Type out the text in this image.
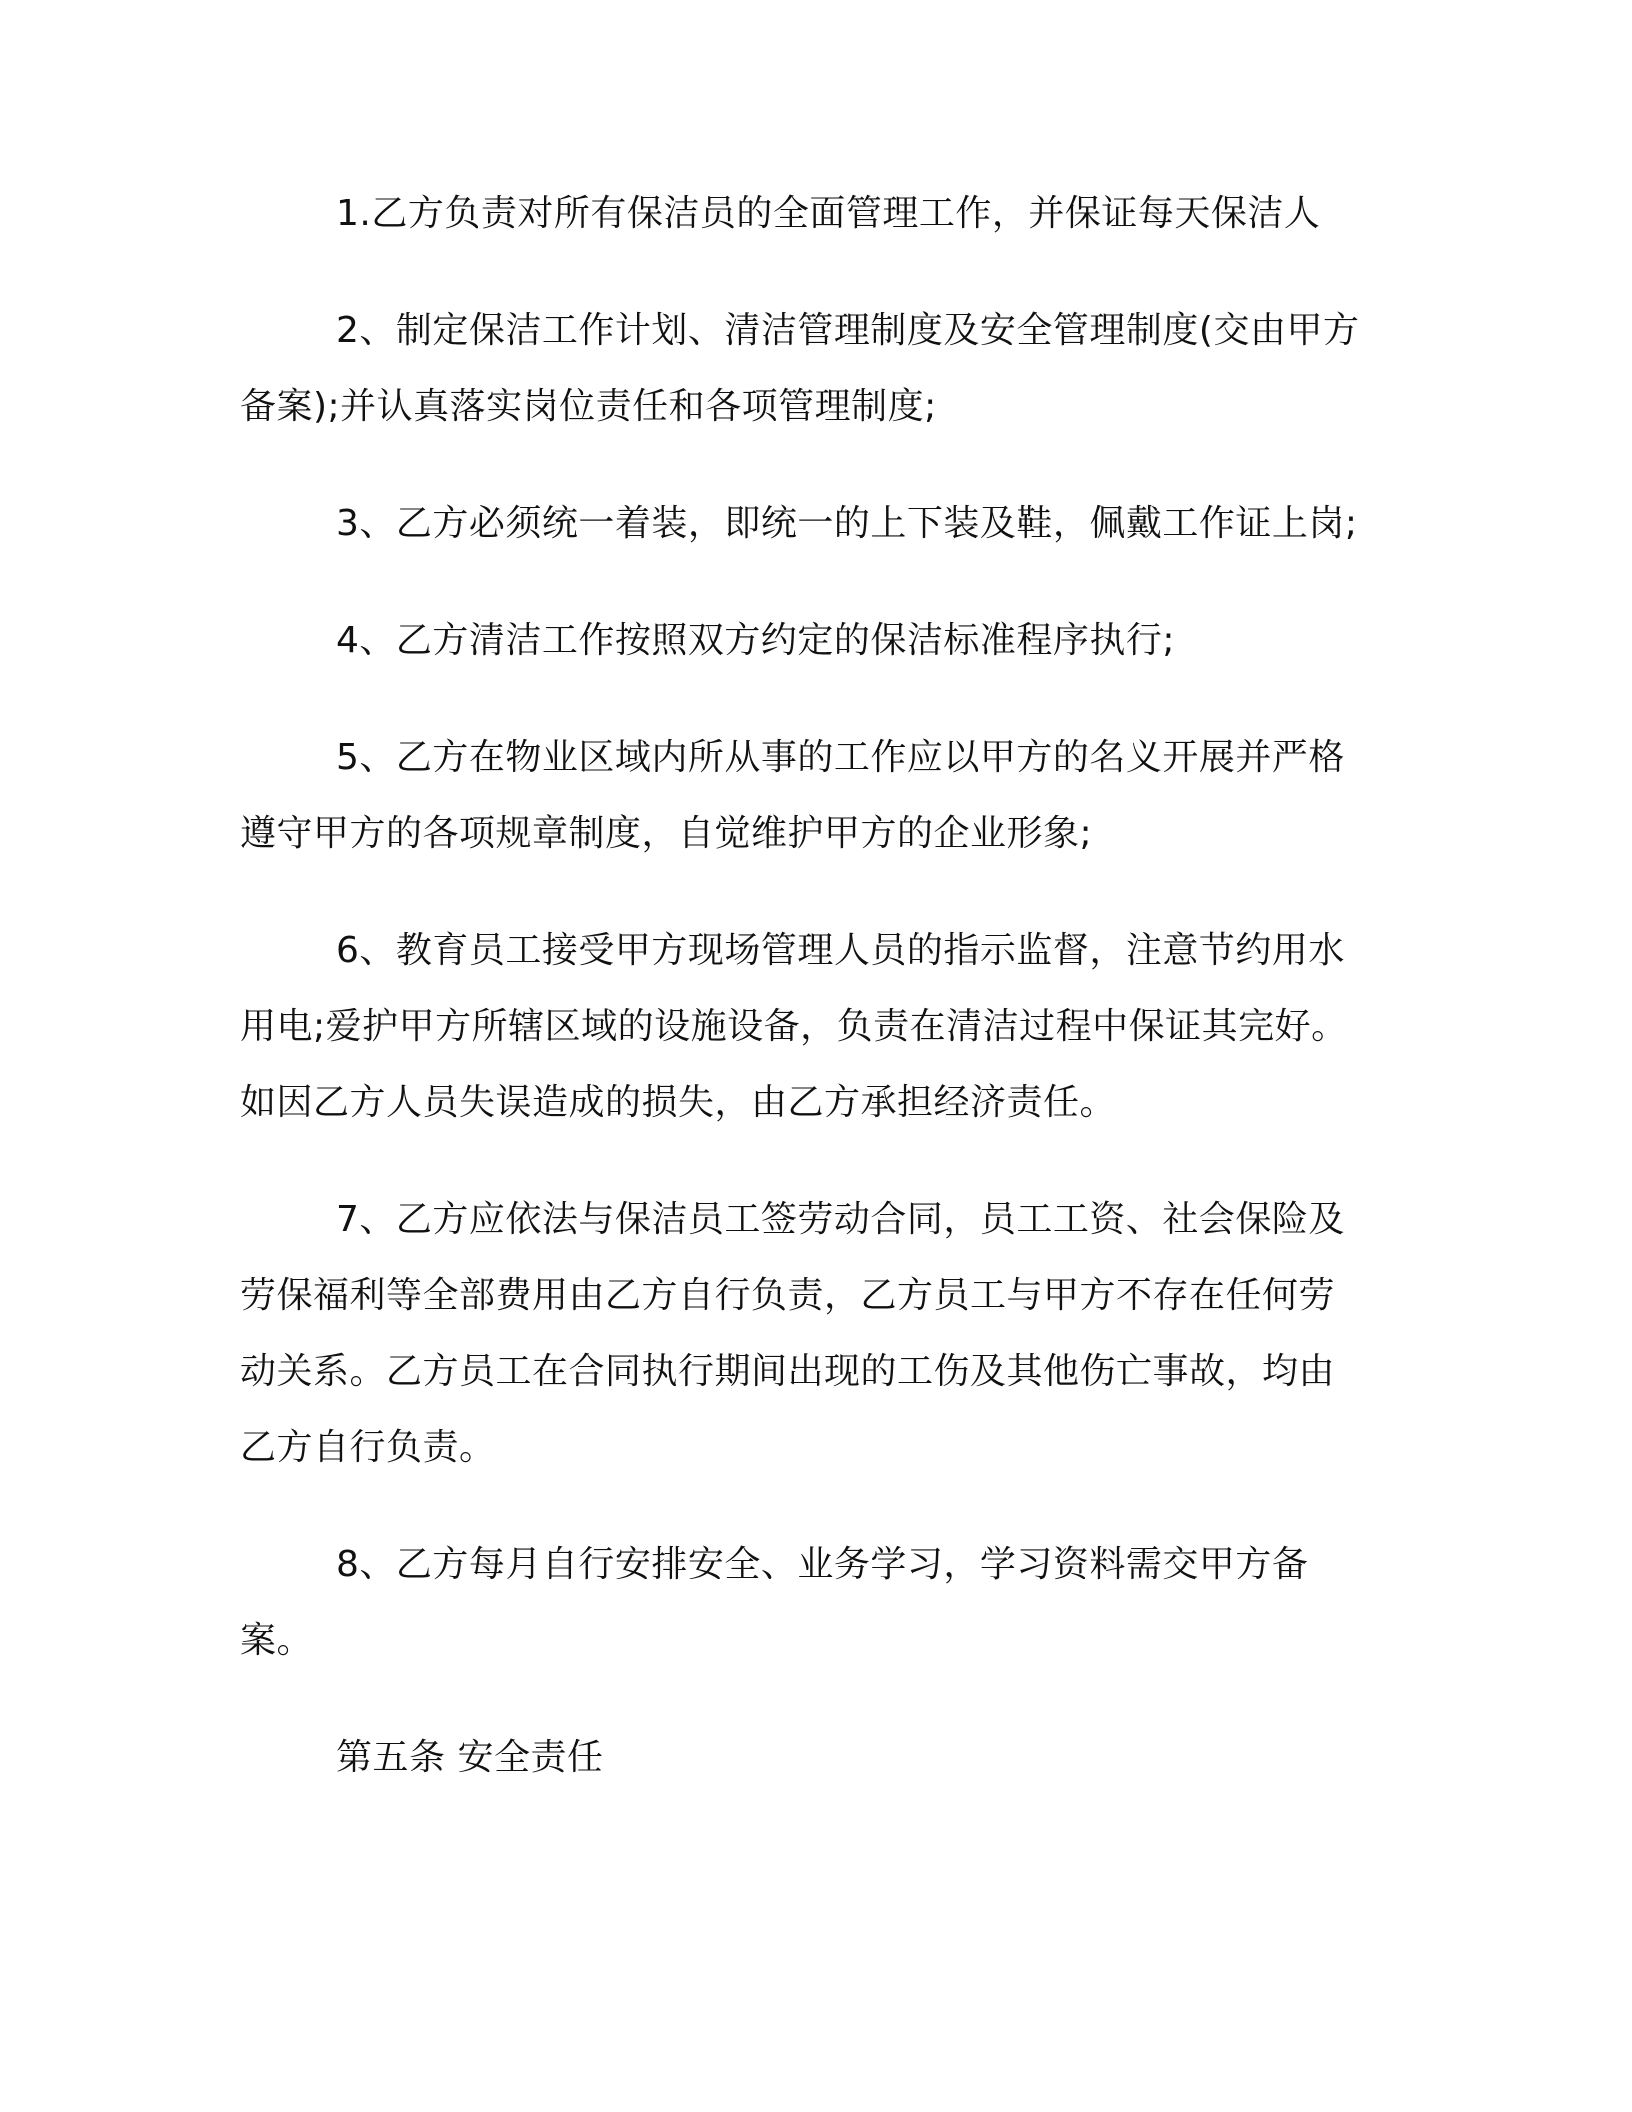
1.乙方负责对所有保洁员的全面管理工作，并保证每天保洁人

2、制定保洁工作计划、清洁管理制度及安全管理制度(交由甲方备案);并认真落实岗位责任和各项管理制度;

3、乙方必须统一着装，即统一的上下装及鞋，佩戴工作证上岗;

4、乙方清洁工作按照双方约定的保洁标准程序执行;

5、乙方在物业区域内所从事的工作应以甲方的名义开展并严格遵守甲方的各项规章制度，自觉维护甲方的企业形象;

6、教育员工接受甲方现场管理人员的指示监督，注意节约用水用电;爱护甲方所辖区域的设施设备，负责在清洁过程中保证其完好。如因乙方人员失误造成的损失，由乙方承担经济责任。

7、乙方应依法与保洁员工签劳动合同，员工工资、社会保险及劳保福利等全部费用由乙方自行负责，乙方员工与甲方不存在任何劳动关系。乙方员工在合同执行期间出现的工伤及其他伤亡事故，均由乙方自行负责。

8、乙方每月自行安排安全、业务学习，学习资料需交甲方备案。

第五条 安全责任
